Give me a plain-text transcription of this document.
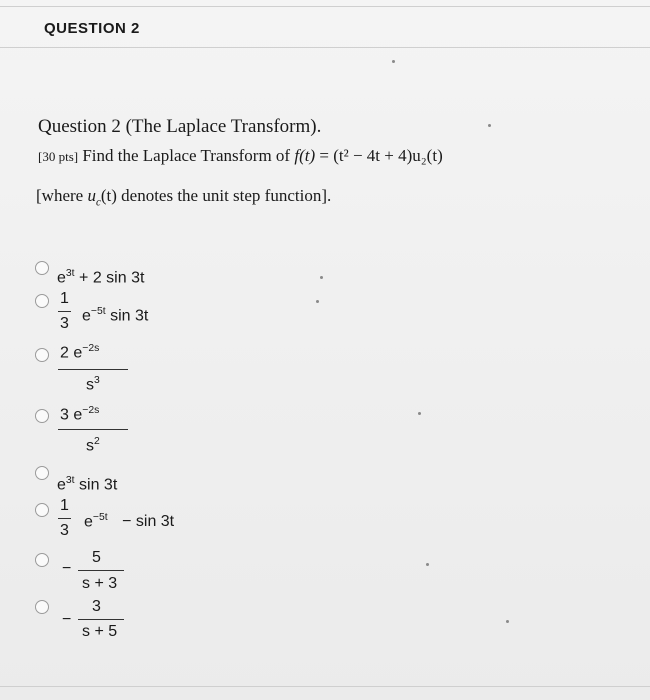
QUESTION 2
Question 2 (The Laplace Transform).
[30 pts] Find the Laplace Transform of f(t) = (t² − 4t + 4)u₂(t)
[where $u_c(t)$ denotes the unit step function].
$e^{3t} + 2$ sin 3t
1
3 $e^{-5t}$ sin 3t
2 $e^{-2s}$
$s^3$
3 $e^{-2s}$
$s^2$
$e^{3t}$ sin 3t
1
3
$e^{-5t} - \sin 3t$
−
5
s + 3
−
3
s + 5
